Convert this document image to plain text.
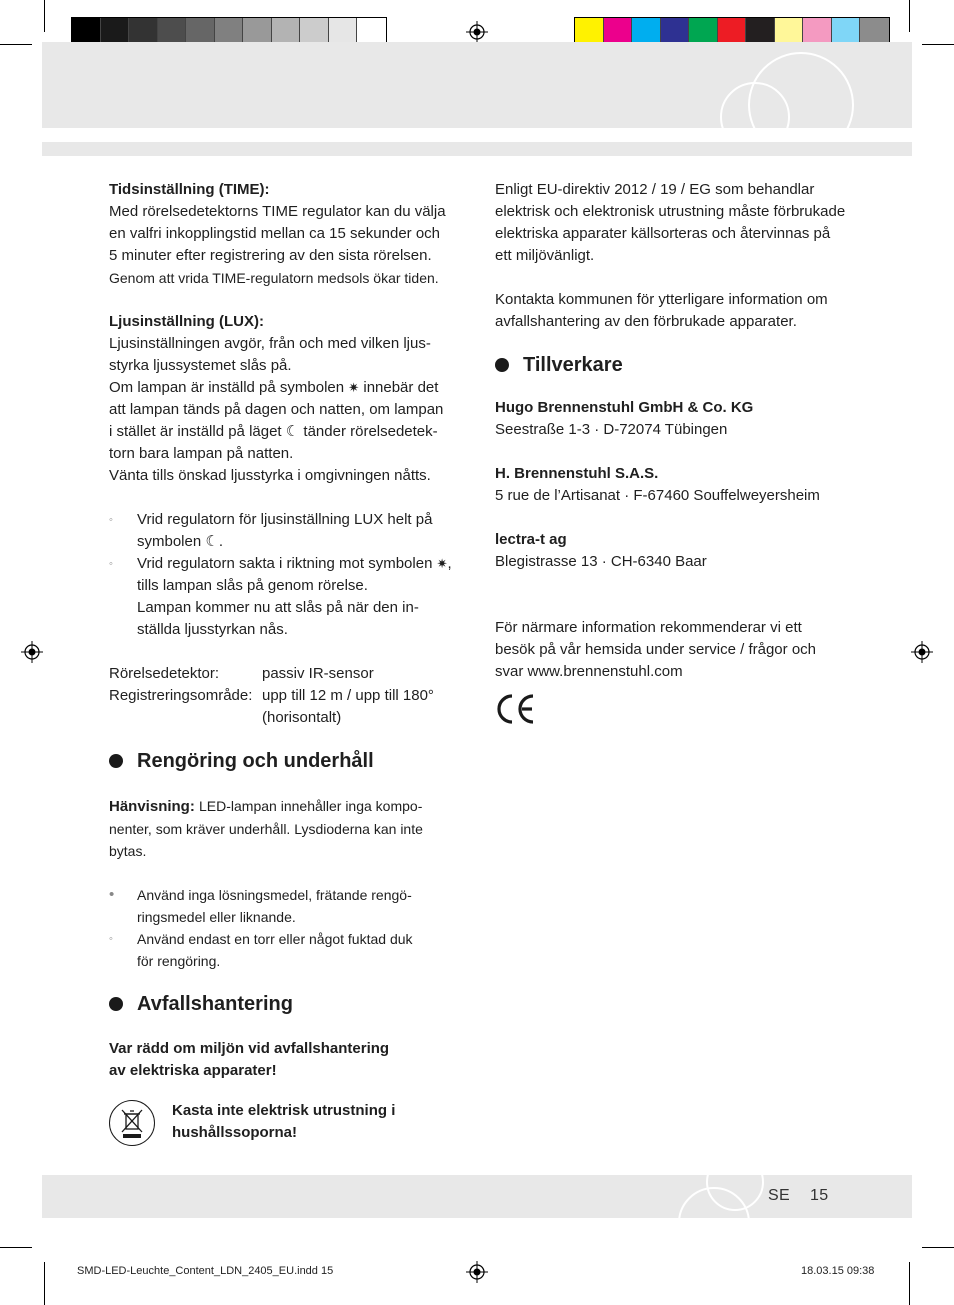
Tidsinställning (TIME):

Med rörelsedetektorns TIME regulator kan du välja

en valfri inkopplingstid mellan ca 15 sekunder och

5 minuter efter registrering av den sista rörelsen.

Genom att vrida TIME-regulatorn medsols ökar tiden.

Ljusinställning (LUX):

Ljusinställningen avgör, från och med vilken ljus-

styrka ljussystemet slås på.

Om lampan är inställd på symbolen ✷ innebär det

att lampan tänds på dagen och natten, om lampan

i stället är inställd på läget ☾ tänder rörelsedetek-

torn bara lampan på natten.

Vänta tills önskad ljusstyrka i omgivningen nåtts.

◦ Vrid regulatorn för ljusinställning LUX helt på

symbolen ☾.

◦ Vrid regulatorn sakta i riktning mot symbolen ✷,

tills lampan slås på genom rörelse.

Lampan kommer nu att slås på när den in-

ställda ljusstyrkan nås.

Rörelsedetektor:	passiv IR-sensor
Registreringsområde: upp till 12 m / upp till 180°
(horisontalt)
Rengöring och underhåll

Hänvisning: LED-lampan innehåller inga kompo-

nenter, som kräver underhåll. Lysdioderna kan inte

bytas.

• Använd inga lösningsmedel, frätande rengö-

ringsmedel eller liknande.

◦ Använd endast en torr eller något fuktad duk

för rengöring.

Avfallshantering

Var rädd om miljön vid avfallshantering

av elektriska apparater!

Kasta inte elektrisk utrustning i

hushållssoporna!

Enligt EU-direktiv 2012 / 19 / EG som behandlar

elektrisk och elektronisk utrustning måste förbrukade

elektriska apparater källsorteras och återvinnas på

ett miljövänligt.

Kontakta kommunen för ytterligare information om

avfallshantering av den förbrukade apparater.

Tillverkare

Hugo Brennenstuhl GmbH & Co. KG

Seestraße 1-3 · D-72074 Tübingen

H. Brennenstuhl S.A.S.

5 rue de l’Artisanat · F-67460 Souffelweyersheim

lectra-t ag

Blegistrasse 13 · CH-6340 Baar

För närmare information rekommenderar vi ett

besök på vår hemsida under service / frågor och

svar www.brennenstuhl.com

SE 15
SMD-LED-Leuchte_Content_LDN_2405_EU.indd 15	18.03.15 09:38
